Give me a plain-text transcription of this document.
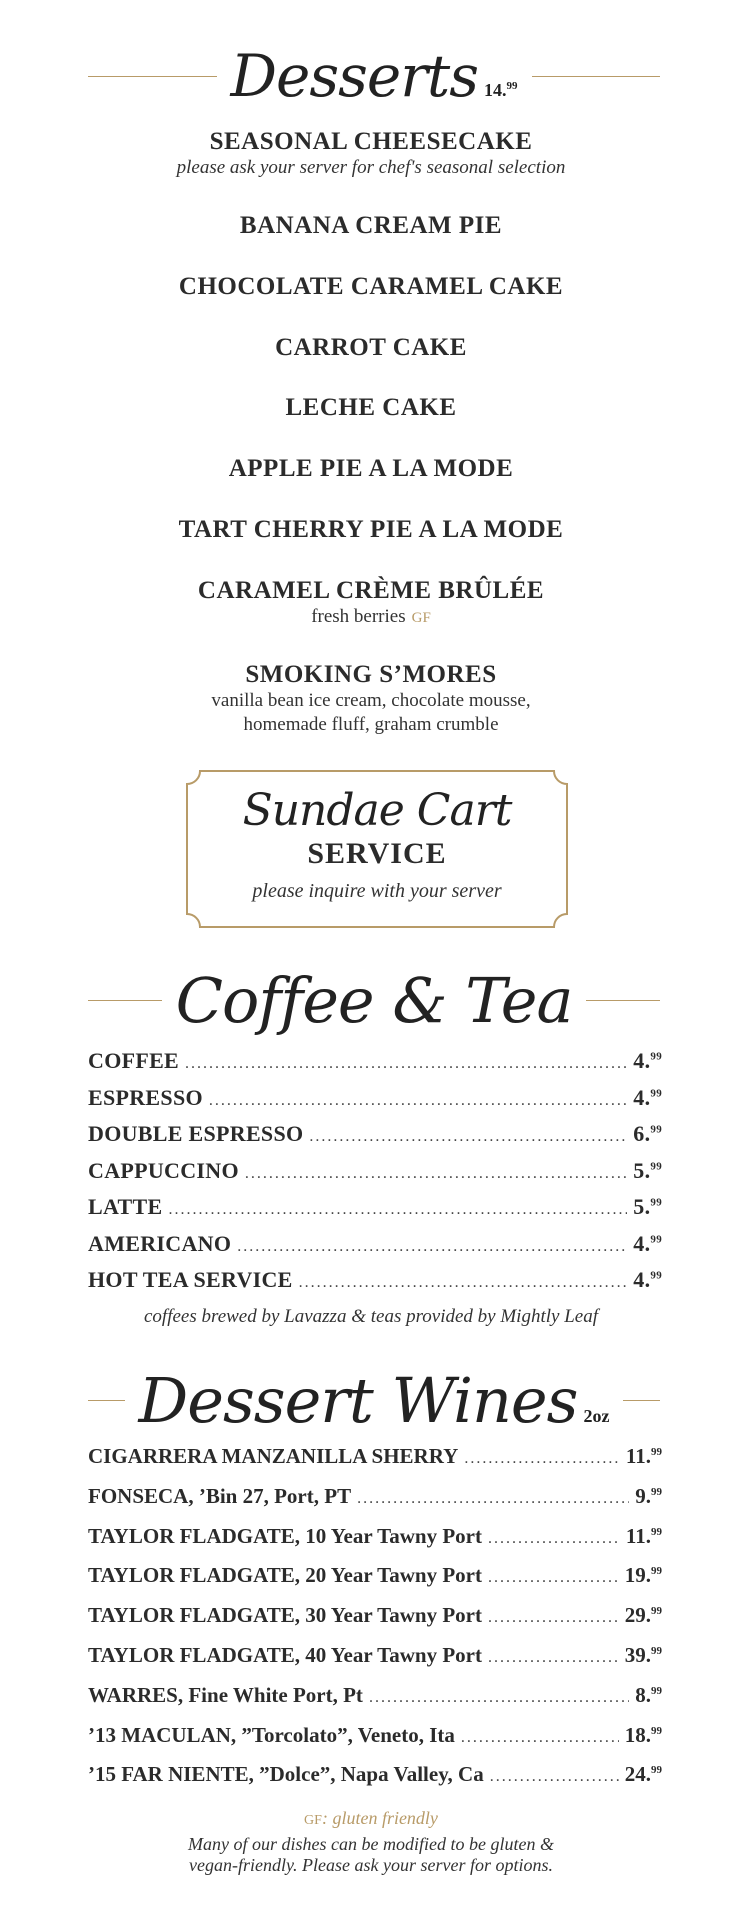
Desserts 14.99
SEASONAL CHEESECAKE
please ask your server for chef's seasonal selection
BANANA CREAM PIE
CHOCOLATE CARAMEL CAKE
CARROT CAKE
LECHE CAKE
APPLE PIE A LA MODE
TART CHERRY PIE A LA MODE
CARAMEL CRÈME BRÛLÉE
fresh berries GF
SMOKING S’MORES
vanilla bean ice cream, chocolate mousse,
homemade fluff, graham crumble
Sundae Cart
SERVICE
please inquire with your server
Coffee & Tea
COFFEE .....	4.99
ESPRESSO .....	4.99
DOUBLE ESPRESSO .....	6.99
CAPPUCCINO .....	5.99
LATTE .....	5.99
AMERICANO .....	4.99
HOT TEA SERVICE .....	4.99
coffees brewed by Lavazza & teas provided by Mightly Leaf
Dessert Wines 2oz
CIGARRERA MANZANILLA SHERRY .....	11.99
FONSECA, ’Bin 27, Port, PT .....	9.99
TAYLOR FLADGATE, 10 Year Tawny Port .....	11.99
TAYLOR FLADGATE, 20 Year Tawny Port .....	19.99
TAYLOR FLADGATE, 30 Year Tawny Port .....	29.99
TAYLOR FLADGATE, 40 Year Tawny Port .....	39.99
WARRES, Fine White Port, Pt .....	8.99
’13 MACULAN, ”Torcolato”, Veneto, Ita .....	18.99
’15 FAR NIENTE, ”Dolce”, Napa Valley, Ca .....	24.99
GF: gluten friendly
Many of our dishes can be modified to be gluten &
vegan-friendly. Please ask your server for options.
